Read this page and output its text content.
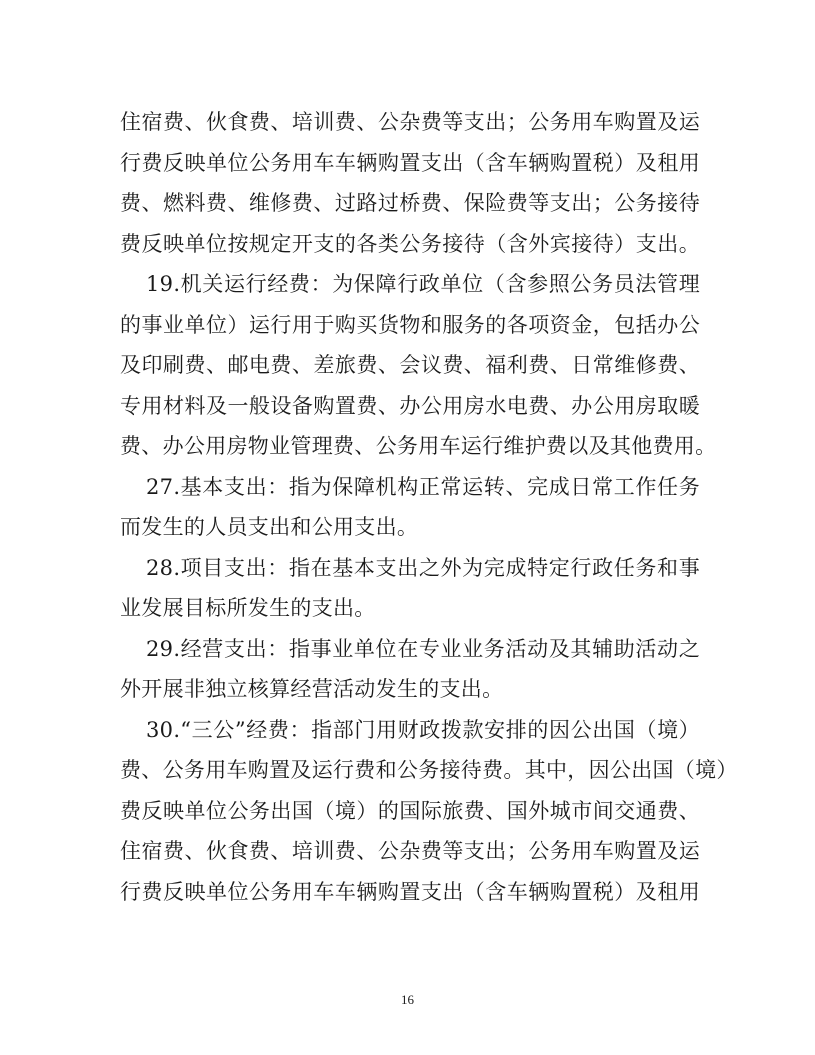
住宿费、伙食费、培训费、公杂费等支出；公务用车购置及运
行费反映单位公务用车车辆购置支出（含车辆购置税）及租用
费、燃料费、维修费、过路过桥费、保险费等支出；公务接待
费反映单位按规定开支的各类公务接待（含外宾接待）支出。
19.机关运行经费：为保障行政单位（含参照公务员法管理
的事业单位）运行用于购买货物和服务的各项资金，包括办公
及印刷费、邮电费、差旅费、会议费、福利费、日常维修费、
专用材料及一般设备购置费、办公用房水电费、办公用房取暖
费、办公用房物业管理费、公务用车运行维护费以及其他费用。
27.基本支出：指为保障机构正常运转、完成日常工作任务
而发生的人员支出和公用支出。
28.项目支出：指在基本支出之外为完成特定行政任务和事
业发展目标所发生的支出。
29.经营支出：指事业单位在专业业务活动及其辅助活动之
外开展非独立核算经营活动发生的支出。
30.“三公”经费：指部门用财政拨款安排的因公出国（境）
费、公务用车购置及运行费和公务接待费。其中，因公出国（境）
费反映单位公务出国（境）的国际旅费、国外城市间交通费、
住宿费、伙食费、培训费、公杂费等支出；公务用车购置及运
行费反映单位公务用车车辆购置支出（含车辆购置税）及租用
16
